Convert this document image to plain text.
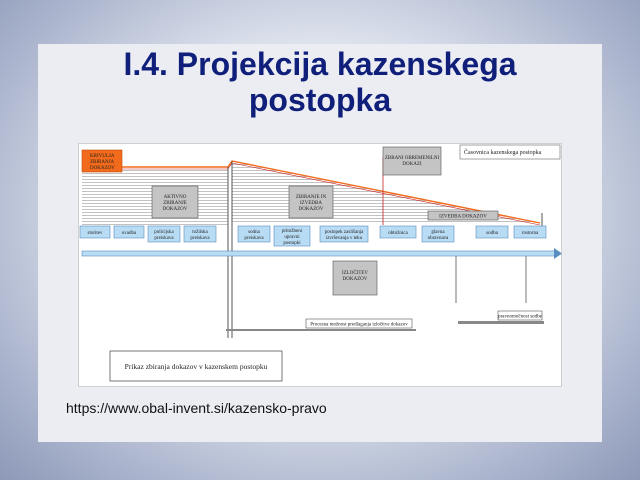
I.4. Projekcija kazenskega
postopka
Časovnica kazenskega postopka
KRIVULJA
ZBIRANJA
DOKAZOV
AKTIVNO
ZBIRANJE
DOKAZOV
ZBIRANJE IN
IZVEDBA
DOKAZOV
ZBRANI OBREMENILNI
DOKAZI
IZVEDBA DOKAZOV
IZLOČITEV
DOKAZOV
storitev	ovadba	policijska
preiskava
tožilska
preiskava
sodna
preiskava
pritožbeni
upravni
postopki
postopek zaslišanja
izvrševanja v teku
obtožnica	glavna
obravnava
sodba	rostorna
pravnomočnost sodbe
Procesna možnost predlaganja izločitve dokazov
Prikaz zbiranja dokazov v kazenskem postopku
https://www.obal-invent.si/kazensko-pravo
